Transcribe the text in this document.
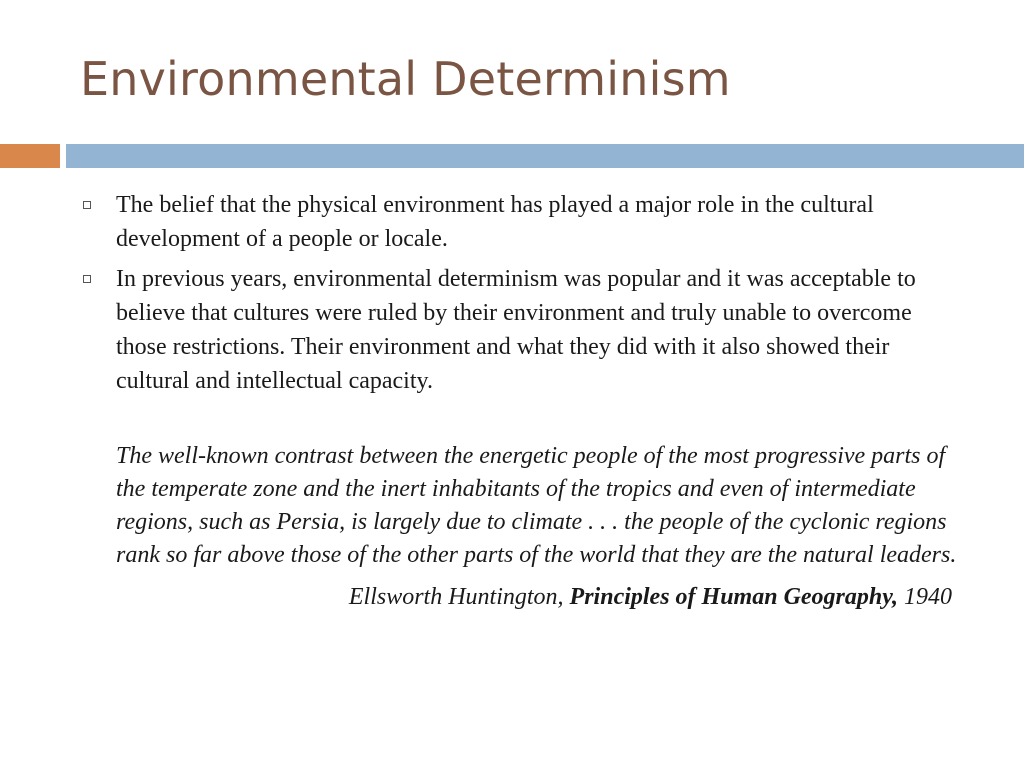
Environmental Determinism

The belief that the physical environment has played a major role in the cultural development of a people or locale.

In previous years, environmental determinism was popular and it was acceptable to believe that cultures were ruled by their environment and truly unable to overcome those restrictions. Their environment and what they did with it also showed their cultural and intellectual capacity.

The well-known contrast between the energetic people of the most progressive parts of the temperate zone and the inert inhabitants of the tropics and even of intermediate regions, such as Persia, is largely due to climate . . . the people of the cyclonic regions rank so far above those of the other parts of the world that they are the natural leaders.

Ellsworth Huntington, Principles of Human Geography, 1940
